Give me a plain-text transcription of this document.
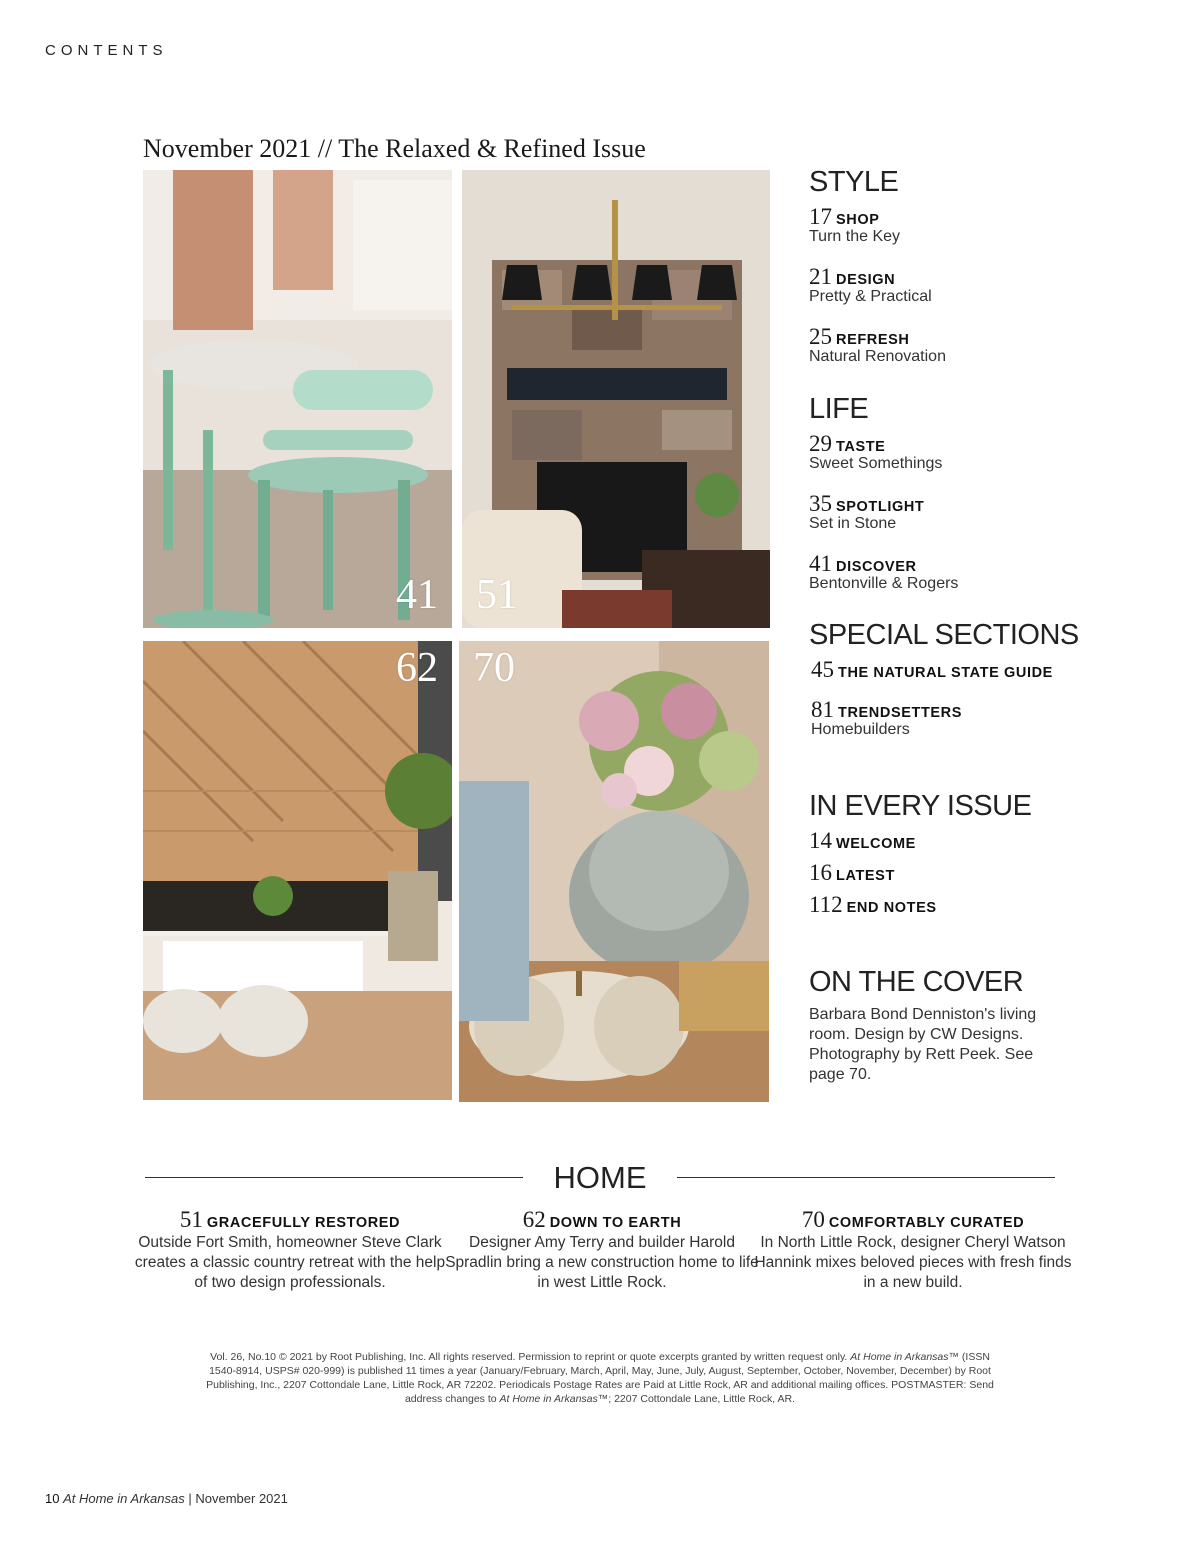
CONTENTS
November 2021 // The Relaxed & Refined Issue
41 51
62 70
STYLE
17 SHOP
Turn the Key
21 DESIGN
Pretty & Practical
25 REFRESH
Natural Renovation
LIFE
29 TASTE
Sweet Somethings
35 SPOTLIGHT
Set in Stone
41 DISCOVER
Bentonville & Rogers
SPECIAL SECTIONS
45 THE NATURAL STATE GUIDE
81 TRENDSETTERS
Homebuilders
IN EVERY ISSUE
14 WELCOME
16 LATEST
112 END NOTES
ON THE COVER
Barbara Bond Denniston's living room. Design by CW Designs. Photography by Rett Peek. See page 70.
HOME
51 GRACEFULLY RESTORED
Outside Fort Smith, homeowner Steve Clark creates a classic country retreat with the help of two design professionals.
62 DOWN TO EARTH
Designer Amy Terry and builder Harold Spradlin bring a new construction home to life in west Little Rock.
70 COMFORTABLY CURATED
In North Little Rock, designer Cheryl Watson Hannink mixes beloved pieces with fresh finds in a new build.
Vol. 26, No.10 © 2021 by Root Publishing, Inc. All rights reserved. Permission to reprint or quote excerpts granted by written request only. At Home in Arkansas™ (ISSN 1540-8914, USPS# 020-999) is published 11 times a year (January/February, March, April, May, June, July, August, September, October, November, December) by Root Publishing, Inc., 2207 Cottondale Lane, Little Rock, AR 72202. Periodicals Postage Rates are Paid at Little Rock, AR and additional mailing offices. POSTMASTER: Send address changes to At Home in Arkansas™; 2207 Cottondale Lane, Little Rock, AR.
10 At Home in Arkansas | November 2021
